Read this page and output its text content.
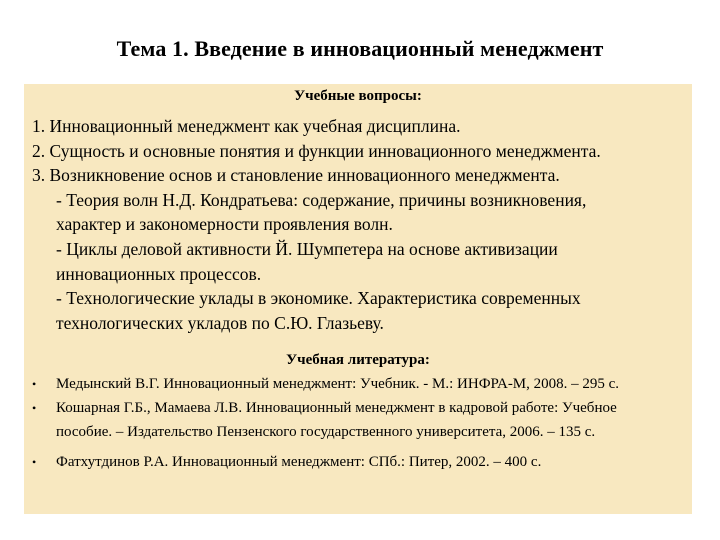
Тема 1. Введение в инновационный менеджмент
Учебные вопросы:
1. Инновационный менеджмент как учебная дисциплина.
2. Сущность и основные понятия и функции инновационного менеджмента.
3. Возникновение основ и становление инновационного менеджмента.
- Теория волн Н.Д. Кондратьева: содержание, причины возникновения,
характер и закономерности проявления волн.
- Циклы деловой активности Й. Шумпетера на основе активизации
инновационных процессов.
- Технологические уклады в экономике. Характеристика современных
технологических укладов по С.Ю. Глазьеву.
Учебная литература:
• Медынский В.Г. Инновационный менеджмент: Учебник. - М.: ИНФРА-М, 2008. – 295 с.
• Кошарная Г.Б., Мамаева Л.В. Инновационный менеджмент в кадровой работе: Учебное
пособие. – Издательство Пензенского государственного университета, 2006. – 135 с.
• Фатхутдинов Р.А. Инновационный менеджмент: СПб.: Питер, 2002. – 400 с.
